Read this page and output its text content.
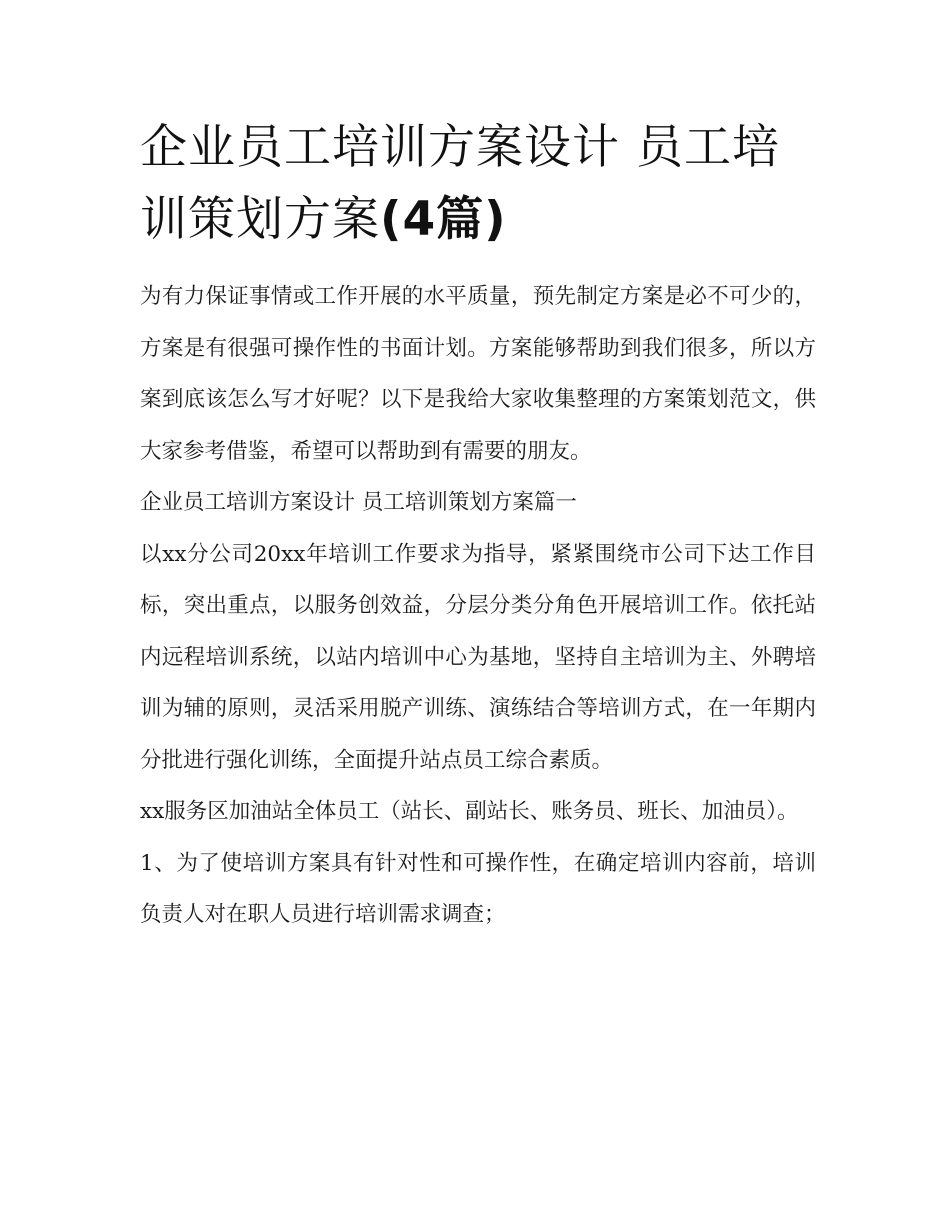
企业员工培训方案设计 员工培训策划方案(4篇)

为有力保证事情或工作开展的水平质量，预先制定方案是必不可少的，方案是有很强可操作性的书面计划。方案能够帮助到我们很多，所以方案到底该怎么写才好呢？以下是我给大家收集整理的方案策划范文，供大家参考借鉴，希望可以帮助到有需要的朋友。

企业员工培训方案设计 员工培训策划方案篇一

以xx分公司20xx年培训工作要求为指导，紧紧围绕市公司下达工作目标，突出重点，以服务创效益，分层分类分角色开展培训工作。依托站内远程培训系统，以站内培训中心为基地，坚持自主培训为主、外聘培训为辅的原则，灵活采用脱产训练、演练结合等培训方式，在一年期内分批进行强化训练，全面提升站点员工综合素质。

xx服务区加油站全体员工（站长、副站长、账务员、班长、加油员）。

1、为了使培训方案具有针对性和可操作性，在确定培训内容前，培训负责人对在职人员进行培训需求调查；
